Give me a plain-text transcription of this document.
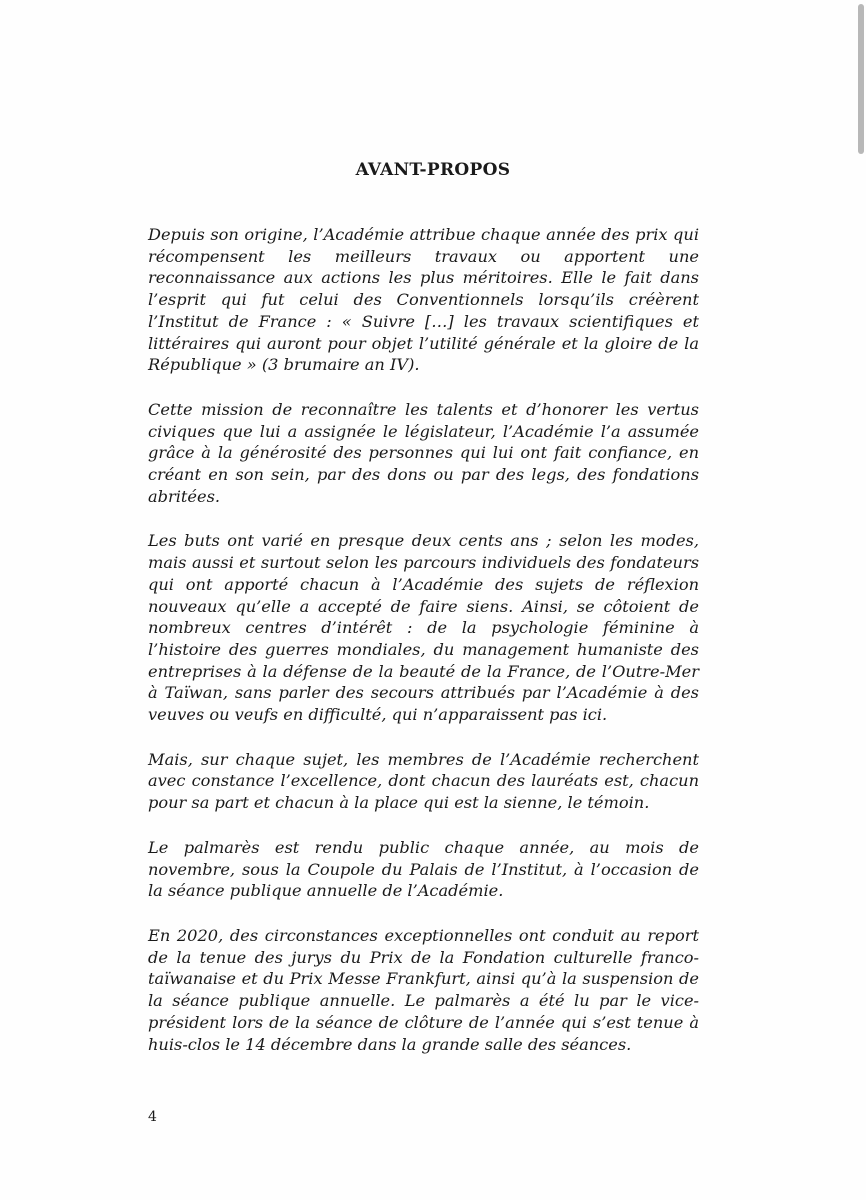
AVANT-PROPOS

Depuis son origine, l’Académie attribue chaque année des prix qui récompensent les meilleurs travaux ou apportent une reconnaissance aux actions les plus méritoires. Elle le fait dans l’esprit qui fut celui des Conventionnels lorsqu’ils créèrent l’Institut de France : « Suivre […] les travaux scientifiques et littéraires qui auront pour objet l’utilité générale et la gloire de la République » (3 brumaire an IV).

Cette mission de reconnaître les talents et d’honorer les vertus civiques que lui a assignée le législateur, l’Académie l’a assumée grâce à la générosité des personnes qui lui ont fait confiance, en créant en son sein, par des dons ou par des legs, des fondations abritées.

Les buts ont varié en presque deux cents ans ; selon les modes, mais aussi et surtout selon les parcours individuels des fondateurs qui ont apporté chacun à l’Académie des sujets de réflexion nouveaux qu’elle a accepté de faire siens. Ainsi, se côtoient de nombreux centres d’intérêt : de la psychologie féminine à l’histoire des guerres mondiales, du management humaniste des entreprises à la défense de la beauté de la France, de l’Outre-Mer à Taïwan, sans parler des secours attribués par l’Académie à des veuves ou veufs en difficulté, qui n’apparaissent pas ici.

Mais, sur chaque sujet, les membres de l’Académie recherchent avec constance l’excellence, dont chacun des lauréats est, chacun pour sa part et chacun à la place qui est la sienne, le témoin.

Le palmarès est rendu public chaque année, au mois de novembre, sous la Coupole du Palais de l’Institut, à l’occasion de la séance publique annuelle de l’Académie.

En 2020, des circonstances exceptionnelles ont conduit au report de la tenue des jurys du Prix de la Fondation culturelle franco-taïwanaise et du Prix Messe Frankfurt, ainsi qu’à la suspension de la séance publique annuelle. Le palmarès a été lu par le vice-président lors de la séance de clôture de l’année qui s’est tenue à huis-clos le 14 décembre dans la grande salle des séances.

4
